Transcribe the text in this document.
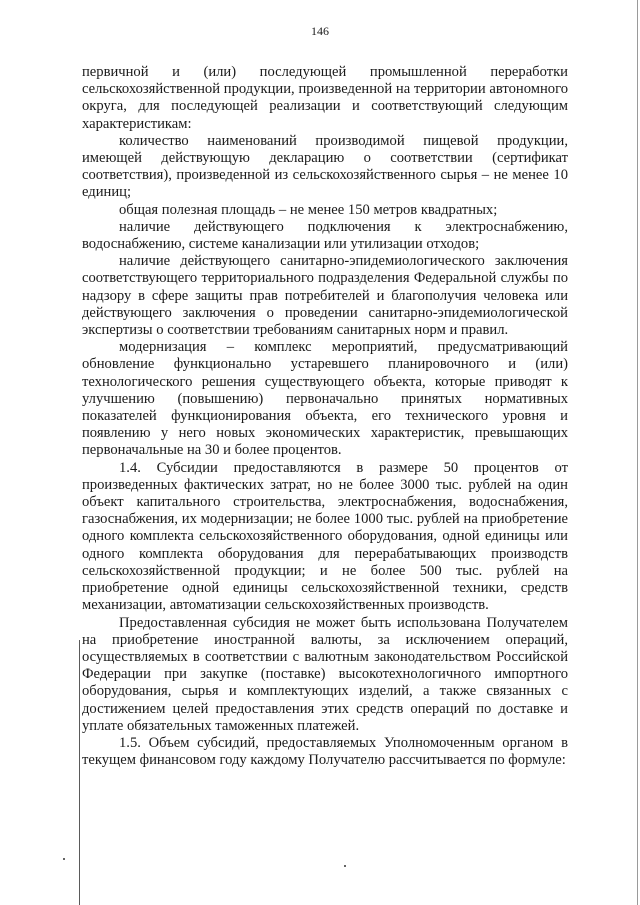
146

первичной и (или) последующей промышленной переработки сельскохозяйственной продукции, произведенной на территории автономного округа, для последующей реализации и соответствующий следующим характеристикам:

количество наименований производимой пищевой продукции, имеющей действующую декларацию о соответствии (сертификат соответствия), произведенной из сельскохозяйственного сырья – не менее 10 единиц;

общая полезная площадь – не менее 150 метров квадратных;

наличие действующего подключения к электроснабжению, водоснабжению, системе канализации или утилизации отходов;

наличие действующего санитарно-эпидемиологического заключения соответствующего территориального подразделения Федеральной службы по надзору в сфере защиты прав потребителей и благополучия человека или действующего заключения о проведении санитарно-эпидемиологической экспертизы о соответствии требованиям санитарных норм и правил.

модернизация – комплекс мероприятий, предусматривающий обновление функционально устаревшего планировочного и (или) технологического решения существующего объекта, которые приводят к улучшению (повышению) первоначально принятых нормативных показателей функционирования объекта, его технического уровня и появлению у него новых экономических характеристик, превышающих первоначальные на 30 и более процентов.

1.4. Субсидии предоставляются в размере 50 процентов от произведенных фактических затрат, но не более 3000 тыс. рублей на один объект капитального строительства, электроснабжения, водоснабжения, газоснабжения, их модернизации; не более 1000 тыс. рублей на приобретение одного комплекта сельскохозяйственного оборудования, одной единицы или одного комплекта оборудования для перерабатывающих производств сельскохозяйственной продукции; и не более 500 тыс. рублей на приобретение одной единицы сельскохозяйственной техники, средств механизации, автоматизации сельскохозяйственных производств.

Предоставленная субсидия не может быть использована Получателем на приобретение иностранной валюты, за исключением операций, осуществляемых в соответствии с валютным законодательством Российской Федерации при закупке (поставке) высокотехнологичного импортного оборудования, сырья и комплектующих изделий, а также связанных с достижением целей предоставления этих средств операций по доставке и уплате обязательных таможенных платежей.

1.5. Объем субсидий, предоставляемых Уполномоченным органом в текущем финансовом году каждому Получателю рассчитывается по формуле:
